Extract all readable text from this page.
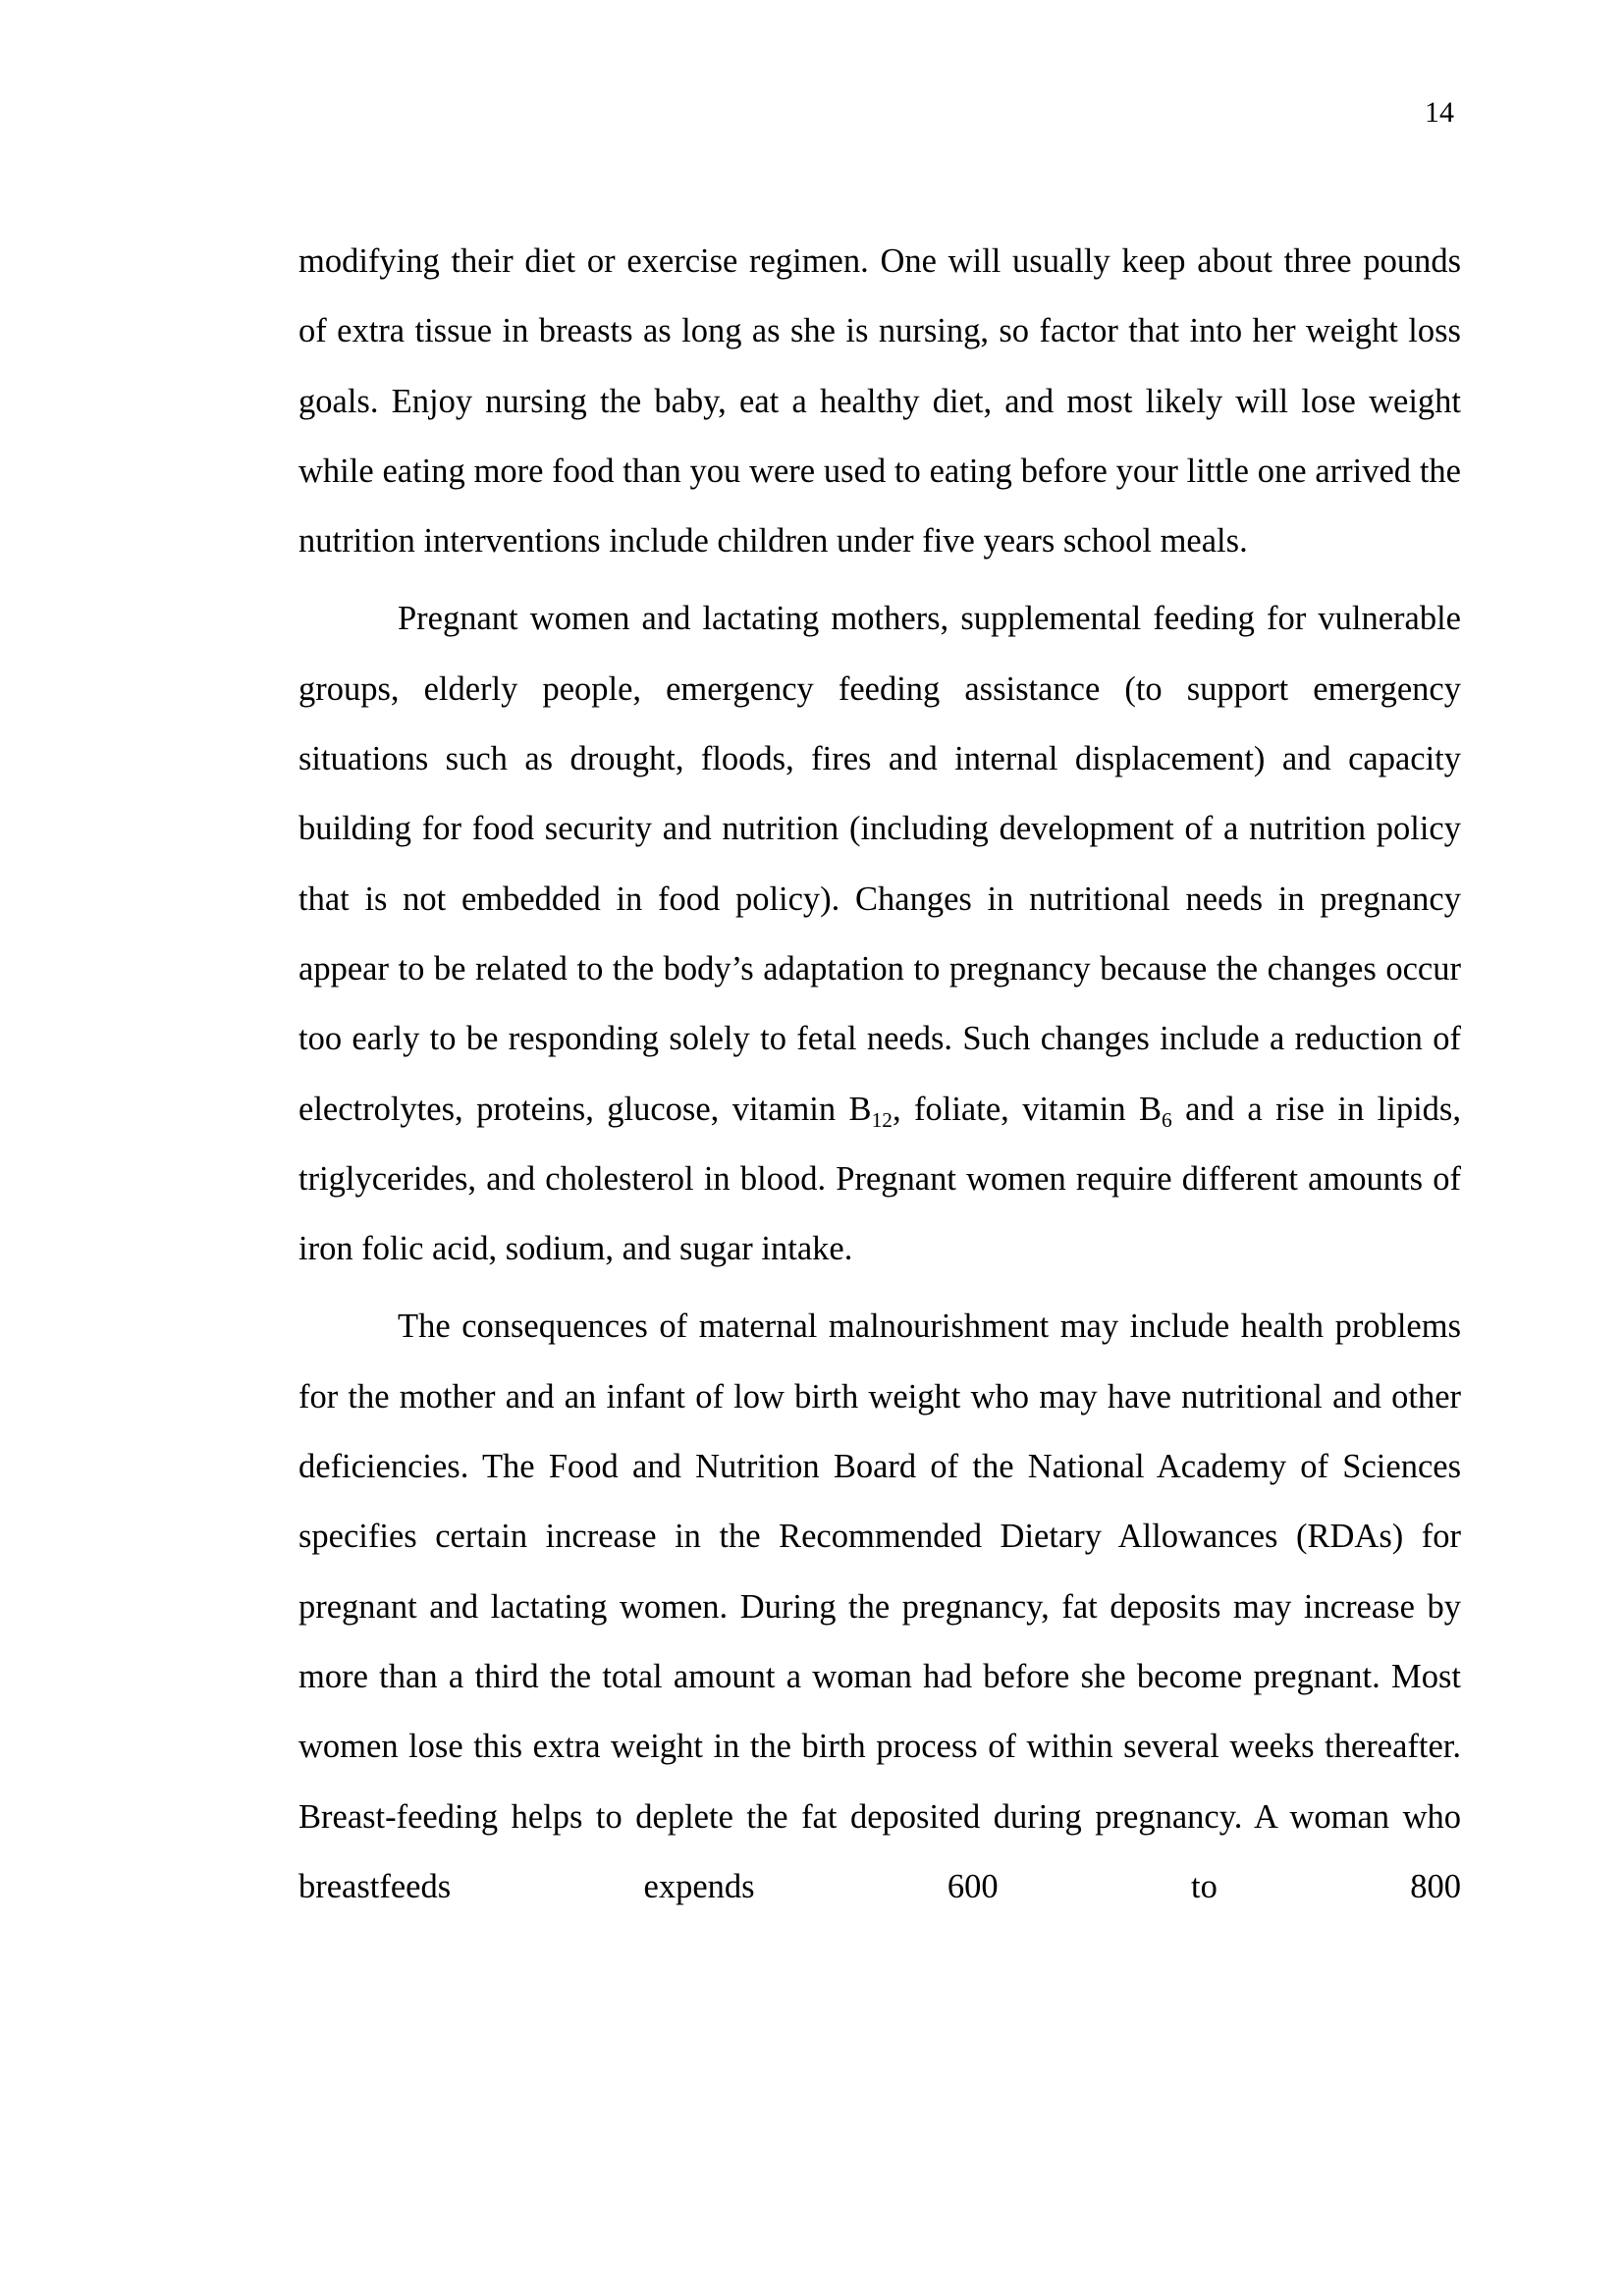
14

modifying their diet or exercise regimen. One will usually keep about three pounds of extra tissue in breasts as long as she is nursing, so factor that into her weight loss goals. Enjoy nursing the baby, eat a healthy diet, and most likely will lose weight while eating more food than you were used to eating before your little one arrived the nutrition interventions include children under five years school meals.

Pregnant women and lactating mothers, supplemental feeding for vulnerable groups, elderly people, emergency feeding assistance (to support emergency situations such as drought, floods, fires and internal displacement) and capacity building for food security and nutrition (including development of a nutrition policy that is not embedded in food policy). Changes in nutritional needs in pregnancy appear to be related to the body’s adaptation to pregnancy because the changes occur too early to be responding solely to fetal needs. Such changes include a reduction of electrolytes, proteins, glucose, vitamin $B_{12}$, foliate, vitamin $B_6$ and a rise in lipids, triglycerides, and cholesterol in blood. Pregnant women require different amounts of iron folic acid, sodium, and sugar intake.

The consequences of maternal malnourishment may include health problems for the mother and an infant of low birth weight who may have nutritional and other deficiencies. The Food and Nutrition Board of the National Academy of Sciences specifies certain increase in the Recommended Dietary Allowances (RDAs) for pregnant and lactating women. During the pregnancy, fat deposits may increase by more than a third the total amount a woman had before she become pregnant. Most women lose this extra weight in the birth process of within several weeks thereafter. Breast-feeding helps to deplete the fat deposited during pregnancy. A woman who breastfeeds expends 600 to 800
